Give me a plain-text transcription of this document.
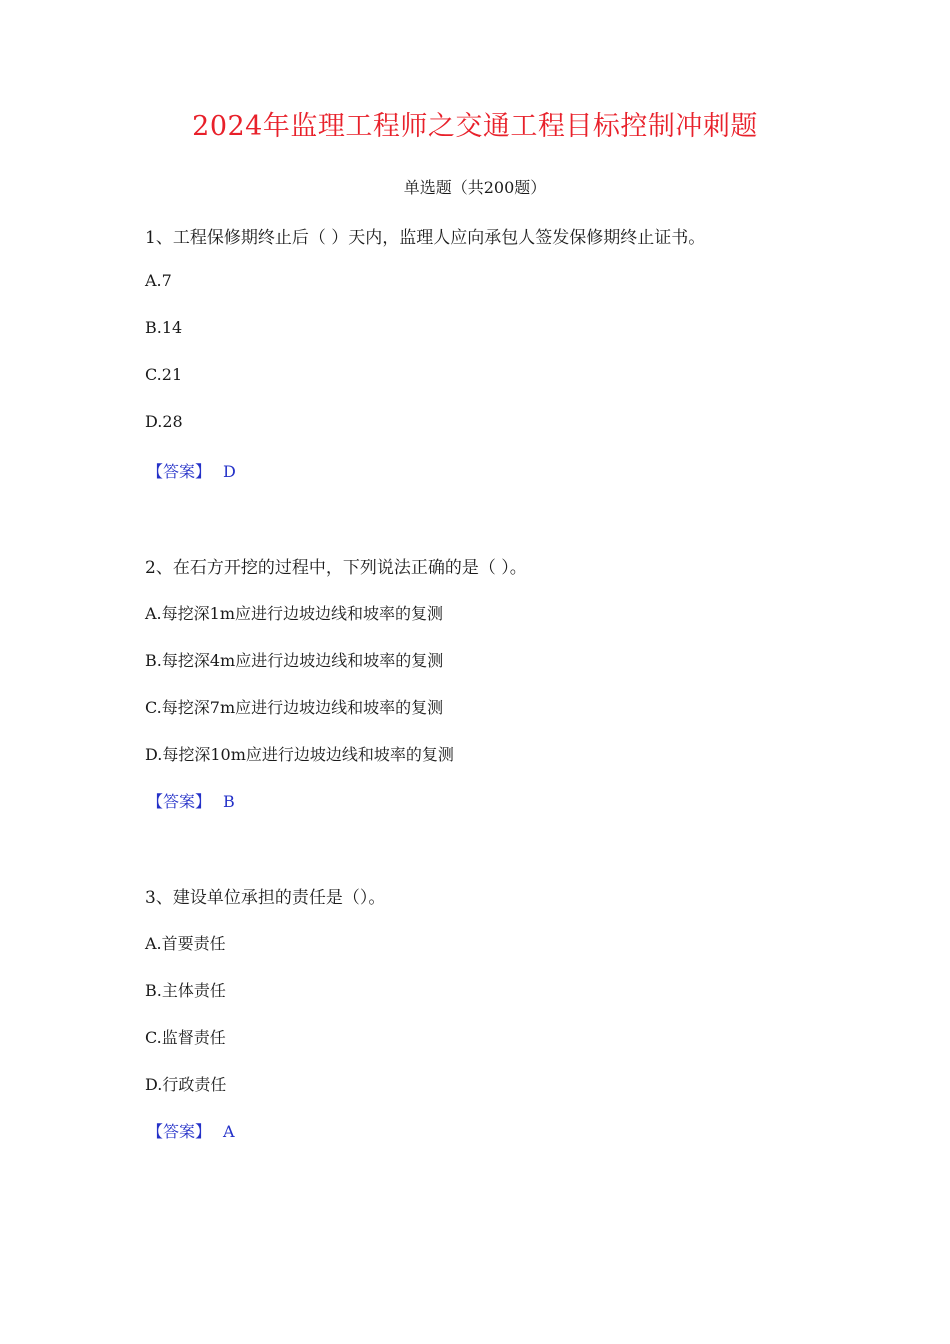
2024年监理工程师之交通工程目标控制冲刺题
单选题（共200题）
1、工程保修期终止后（ ）天内，监理人应向承包人签发保修期终止证书。
A.7
B.14
C.21
D.28
【答案】 D
2、在石方开挖的过程中，下列说法正确的是（ ）。
A.每挖深1m应进行边坡边线和坡率的复测
B.每挖深4m应进行边坡边线和坡率的复测
C.每挖深7m应进行边坡边线和坡率的复测
D.每挖深10m应进行边坡边线和坡率的复测
【答案】 B
3、建设单位承担的责任是（）。
A.首要责任
B.主体责任
C.监督责任
D.行政责任
【答案】 A
